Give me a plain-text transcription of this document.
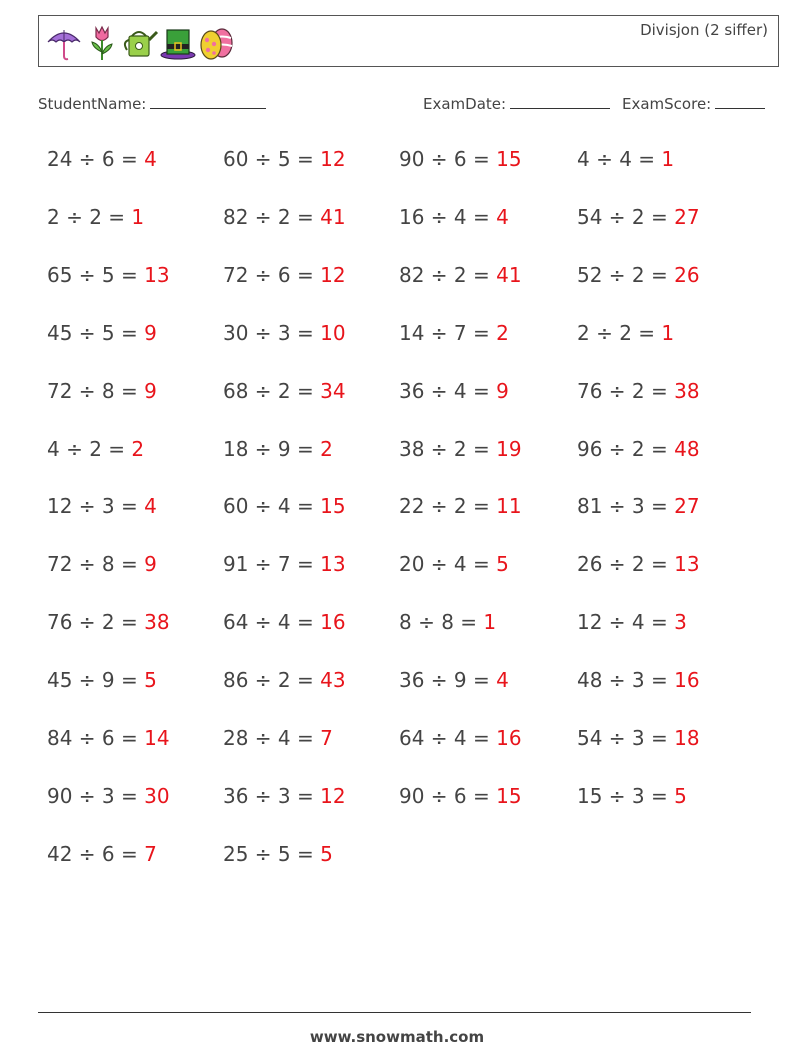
Divisjon (2 siffer)
StudentName:	ExamDate:	ExamScore:
24 ÷ 6 = 4	60 ÷ 5 = 12	90 ÷ 6 = 15	4 ÷ 4 = 1
2 ÷ 2 = 1	82 ÷ 2 = 41	16 ÷ 4 = 4	54 ÷ 2 = 27
65 ÷ 5 = 13	72 ÷ 6 = 12	82 ÷ 2 = 41	52 ÷ 2 = 26
45 ÷ 5 = 9	30 ÷ 3 = 10	14 ÷ 7 = 2	2 ÷ 2 = 1
72 ÷ 8 = 9	68 ÷ 2 = 34	36 ÷ 4 = 9	76 ÷ 2 = 38
4 ÷ 2 = 2	18 ÷ 9 = 2	38 ÷ 2 = 19	96 ÷ 2 = 48
12 ÷ 3 = 4	60 ÷ 4 = 15	22 ÷ 2 = 11	81 ÷ 3 = 27
72 ÷ 8 = 9	91 ÷ 7 = 13	20 ÷ 4 = 5	26 ÷ 2 = 13
76 ÷ 2 = 38	64 ÷ 4 = 16	8 ÷ 8 = 1	12 ÷ 4 = 3
45 ÷ 9 = 5	86 ÷ 2 = 43	36 ÷ 9 = 4	48 ÷ 3 = 16
84 ÷ 6 = 14	28 ÷ 4 = 7	64 ÷ 4 = 16	54 ÷ 3 = 18
90 ÷ 3 = 30	36 ÷ 3 = 12	90 ÷ 6 = 15	15 ÷ 3 = 5
42 ÷ 6 = 7	25 ÷ 5 = 5
www.snowmath.com
